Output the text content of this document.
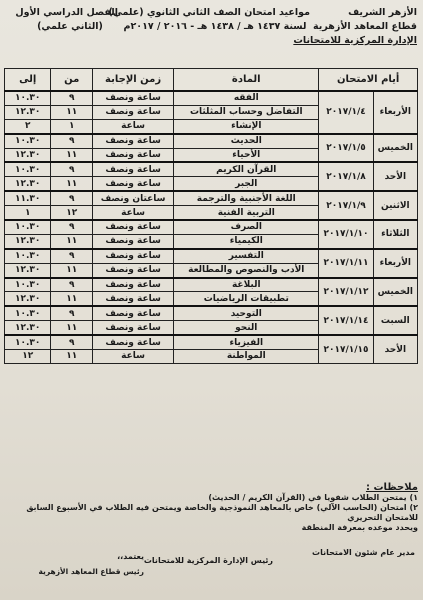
الأزهر الشريف
قطاع المعاهد الأزهرية
الإدارة المركزية للامتحانات
مواعيد امتحان الصف الثاني الثانوي (علمي)
لسنة ١٤٣٧ هـ / ١٤٣٨ هـ - ٢٠١٦ / ٢٠١٧م
الفصل الدراسي الأول
(الثاني علمي)
أيام الامتحان		المادة	زمن الإجابة	من	إلى
الأربعاء	٢٠١٧/١/٤	الفقه	ساعة ونصف	٩	١٠.٣٠
		التفاضل وحساب المثلثات	ساعة ونصف	١١	١٢.٣٠
		الإنشاء	ساعة	١	٢
الخميس	٢٠١٧/١/٥	الحديث	ساعة ونصف	٩	١٠.٣٠
		الأحياء	ساعة ونصف	١١	١٢.٣٠
الأحد	٢٠١٧/١/٨	القرآن الكريم	ساعة ونصف	٩	١٠.٣٠
		الجبر	ساعة ونصف	١١	١٢.٣٠
الاثنين	٢٠١٧/١/٩	اللغة الأجنبية والترجمة	ساعتان ونصف	٩	١١.٣٠
		التربية الفنية	ساعة	١٢	١
الثلاثاء	٢٠١٧/١/١٠	الصرف	ساعة ونصف	٩	١٠.٣٠
		الكيمياء	ساعة ونصف	١١	١٢.٣٠
الأربعاء	٢٠١٧/١/١١	التفسير	ساعة ونصف	٩	١٠.٣٠
		الأدب والنصوص والمطالعة	ساعة ونصف	١١	١٢.٣٠
الخميس	٢٠١٧/١/١٢	البلاغة	ساعة ونصف	٩	١٠.٣٠
		تطبيقات الرياضيات	ساعة ونصف	١١	١٢.٣٠
السبت	٢٠١٧/١/١٤	التوحيد	ساعة ونصف	٩	١٠.٣٠
		النحو	ساعة ونصف	١١	١٢.٣٠
الأحد	٢٠١٧/١/١٥	الفيزياء	ساعة ونصف	٩	١٠.٣٠
		المواطنة	ساعة	١١	١٢
ملاحظات :
١) يمتحن الطلاب شفويا في (القرآن الكريم / الحديث)
٢) امتحان (الحاسب الآلي) خاص بالمعاهد النموذجية والخاصة ويمتحن فيه الطلاب في الأسبوع السابق للامتحان التحريري
ويحدد موعده بمعرفة المنطقة
مدير عام شئون الامتحانات
رئيس الإدارة المركزية للامتحانات
يعتمد،،
رئيس قطاع المعاهد الأزهرية
